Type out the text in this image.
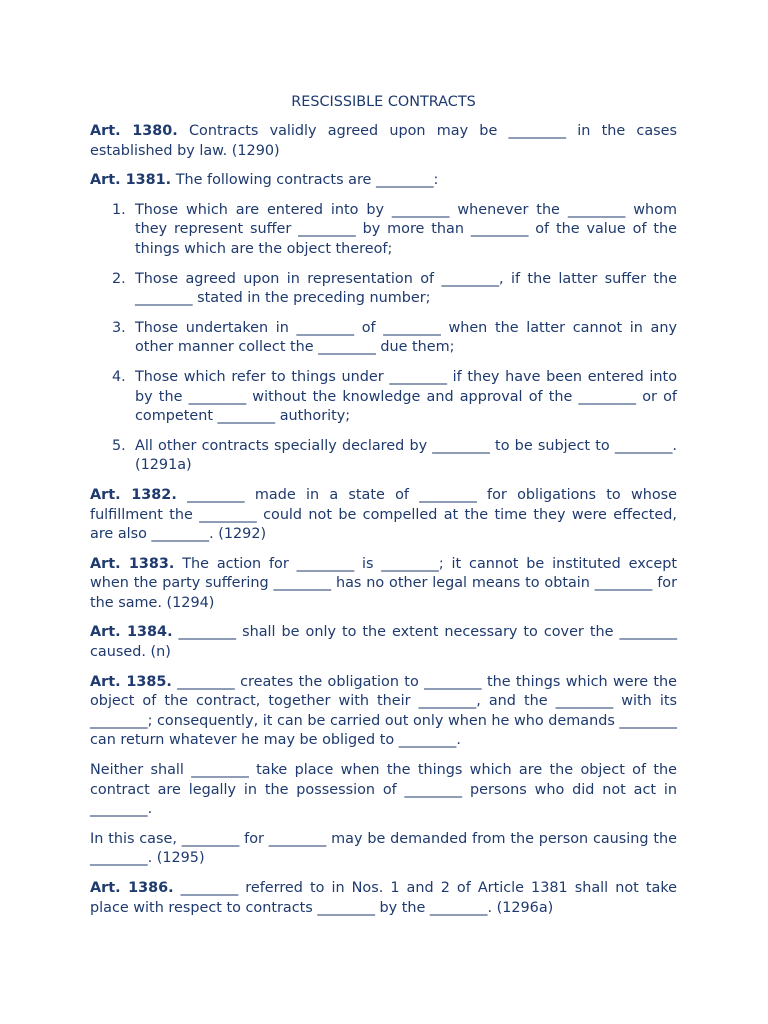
RESCISSIBLE CONTRACTS

Art. 1380. Contracts validly agreed upon may be ________ in the cases established by law. (1290)

Art. 1381. The following contracts are ________:

1. Those which are entered into by ________ whenever the ________ whom they represent suffer ________ by more than ________ of the value of the things which are the object thereof;
2. Those agreed upon in representation of ________, if the latter suffer the ________ stated in the preceding number;
3. Those undertaken in ________ of ________ when the latter cannot in any other manner collect the ________ due them;
4. Those which refer to things under ________ if they have been entered into by the ________ without the knowledge and approval of the ________ or of competent ________ authority;
5. All other contracts specially declared by ________ to be subject to ________. (1291a)

Art. 1382. ________ made in a state of ________ for obligations to whose fulfillment the ________ could not be compelled at the time they were effected, are also ________. (1292)

Art. 1383. The action for ________ is ________; it cannot be instituted except when the party suffering ________ has no other legal means to obtain ________ for the same. (1294)

Art. 1384. ________ shall be only to the extent necessary to cover the ________ caused. (n)

Art. 1385. ________ creates the obligation to ________ the things which were the object of the contract, together with their ________, and the ________ with its ________; consequently, it can be carried out only when he who demands ________ can return whatever he may be obliged to ________.

Neither shall ________ take place when the things which are the object of the contract are legally in the possession of ________ persons who did not act in ________.

In this case, ________ for ________ may be demanded from the person causing the ________. (1295)

Art. 1386. ________ referred to in Nos. 1 and 2 of Article 1381 shall not take place with respect to contracts ________ by the ________. (1296a)
